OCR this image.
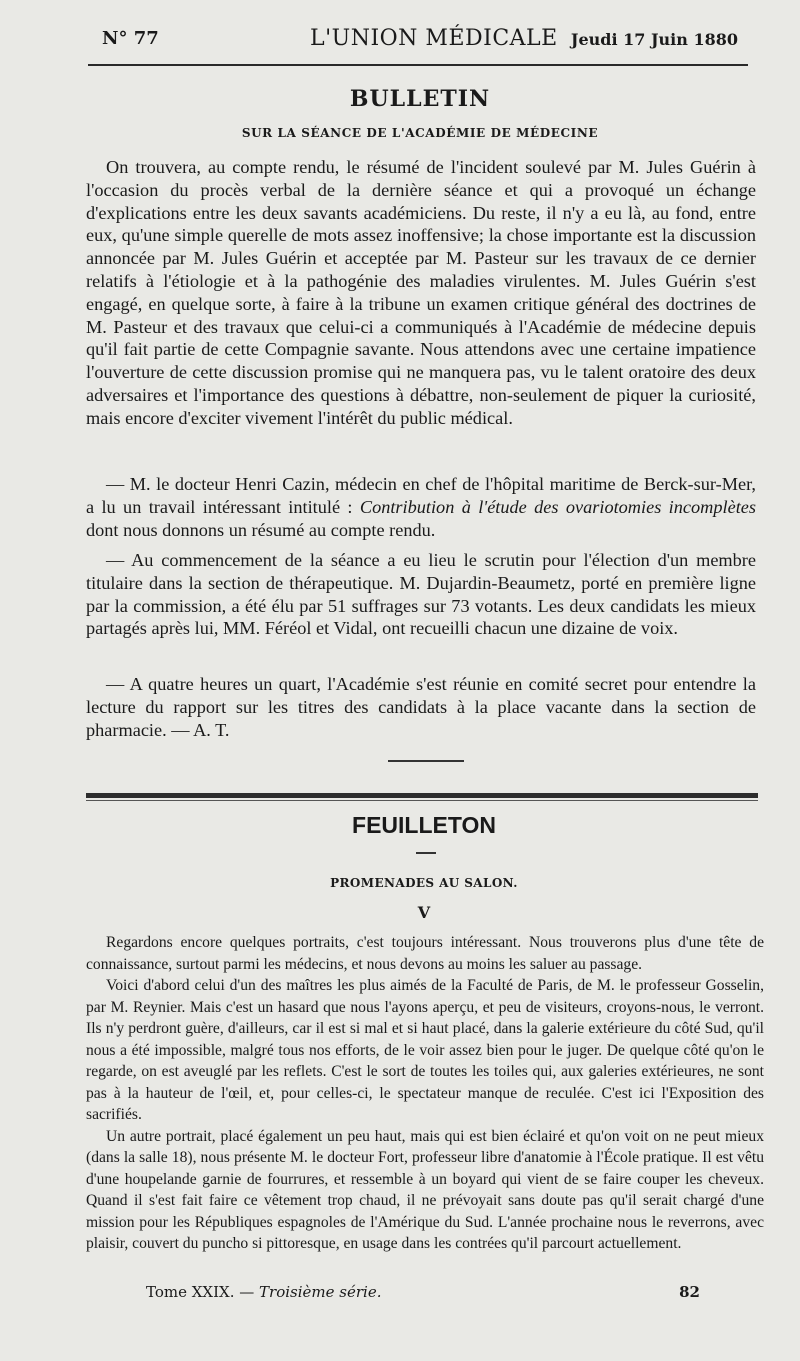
N° 77	L'UNION MÉDICALE Jeudi 17 Juin 1880
BULLETIN
SUR LA SÉANCE DE L'ACADÉMIE DE MÉDECINE

On trouvera, au compte rendu, le résumé de l'incident soulevé par M. Jules Guérin à l'occasion du procès verbal de la dernière séance et qui a provoqué un échange d'explications entre les deux savants académiciens. Du reste, il n'y a eu là, au fond, entre eux, qu'une simple querelle de mots assez inoffensive; la chose importante est la discussion annoncée par M. Jules Guérin et acceptée par M. Pasteur sur les travaux de ce dernier relatifs à l'étiologie et à la pathogénie des maladies virulentes. M. Jules Guérin s'est engagé, en quelque sorte, à faire à la tribune un examen critique général des doctrines de M. Pasteur et des travaux que celui-ci a communiqués à l'Académie de médecine depuis qu'il fait partie de cette Compagnie savante. Nous attendons avec une certaine impatience l'ouverture de cette discussion promise qui ne manquera pas, vu le talent oratoire des deux adversaires et l'importance des questions à débattre, non-seulement de piquer la curiosité, mais encore d'exciter vivement l'intérêt du public médical.

— M. le docteur Henri Cazin, médecin en chef de l'hôpital maritime de Berck-sur-Mer, a lu un travail intéressant intitulé : Contribution à l'étude des ovariotomies incomplètes dont nous donnons un résumé au compte rendu.

— Au commencement de la séance a eu lieu le scrutin pour l'élection d'un membre titulaire dans la section de thérapeutique. M. Dujardin-Beaumetz, porté en première ligne par la commission, a été élu par 51 suffrages sur 73 votants. Les deux candidats les mieux partagés après lui, MM. Féréol et Vidal, ont recueilli chacun une dizaine de voix.

— A quatre heures un quart, l'Académie s'est réunie en comité secret pour entendre la lecture du rapport sur les titres des candidats à la place vacante dans la section de pharmacie. — A. T.

FEUILLETON
PROMENADES AU SALON.
V

Regardons encore quelques portraits, c'est toujours intéressant. Nous trouverons plus d'une tête de connaissance, surtout parmi les médecins, et nous devons au moins les saluer au passage.

Voici d'abord celui d'un des maîtres les plus aimés de la Faculté de Paris, de M. le professeur Gosselin, par M. Reynier. Mais c'est un hasard que nous l'ayons aperçu, et peu de visiteurs, croyons-nous, le verront. Ils n'y perdront guère, d'ailleurs, car il est si mal et si haut placé, dans la galerie extérieure du côté Sud, qu'il nous a été impossible, malgré tous nos efforts, de le voir assez bien pour le juger. De quelque côté qu'on le regarde, on est aveuglé par les reflets. C'est le sort de toutes les toiles qui, aux galeries extérieures, ne sont pas à la hauteur de l'œil, et, pour celles-ci, le spectateur manque de reculée. C'est ici l'Exposition des sacrifiés.

Un autre portrait, placé également un peu haut, mais qui est bien éclairé et qu'on voit on ne peut mieux (dans la salle 18), nous présente M. le docteur Fort, professeur libre d'anatomie à l'École pratique. Il est vêtu d'une houpelande garnie de fourrures, et ressemble à un boyard qui vient de se faire couper les cheveux. Quand il s'est fait faire ce vêtement trop chaud, il ne prévoyait sans doute pas qu'il serait chargé d'une mission pour les Républiques espagnoles de l'Amérique du Sud. L'année prochaine nous le reverrons, avec plaisir, couvert du puncho si pittoresque, en usage dans les contrées qu'il parcourt actuellement.

Tome XXIX. — Troisième série.	82
